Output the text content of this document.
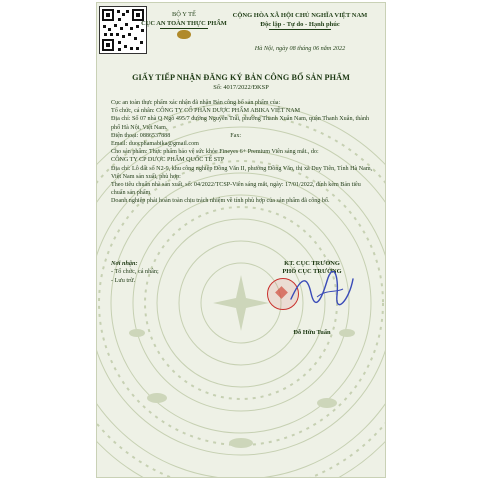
BỘ Y TẾ
CỤC AN TOÀN THỰC PHẨM
CỘNG HÒA XÃ HỘI CHỦ NGHĨA VIỆT NAM
Độc lập - Tự do - Hạnh phúc
Hà Nội, ngày 08 tháng 06 năm 2022
GIẤY TIẾP NHẬN ĐĂNG KÝ BẢN CÔNG BỐ SẢN PHẨM
Số: 4017/2022/ĐKSP

Cục an toàn thực phẩm xác nhận đã nhận Bản công bố sản phẩm của:

Tổ chức, cá nhân: CÔNG TY CỔ PHẦN DƯỢC PHẨM ABIKA VIỆT NAM

Địa chỉ: Số 07 nhà Q Ngõ 495/7 đường Nguyễn Trãi, phường Thanh Xuân Nam, quận Thanh Xuân, thành phố Hà Nội, Việt Nam.

Điện thoại: 0886537888	Fax:

Email: duocphamabika@gmail.com

Cho sản phẩm: Thực phẩm bảo vệ sức khỏe Fineyes 6+ Premium Viên sáng mắt., do:

CÔNG TY CP DƯỢC PHẨM QUỐC TẾ STP

Địa chỉ: Lô đất số N2-9, khu công nghiệp Đồng Văn II, phường Đồng Văn, thị xã Duy Tiên, Tỉnh Hà Nam, Việt Nam sản xuất, phù hợp:

Theo tiêu chuẩn nhà sản xuất, số: 04/2022/TCSP-Viên sáng mắt, ngày: 17/01/2022, đính kèm Bản tiêu chuẩn sản phẩm

Doanh nghiệp phải hoàn toàn chịu trách nhiệm về tính phù hợp của sản phẩm đã công bố.

Nơi nhận:
- Tổ chức, cá nhân;
- Lưu trữ.
KT. CỤC TRƯỞNG
PHÓ CỤC TRƯỞNG
Đỗ Hữu Tuấn
